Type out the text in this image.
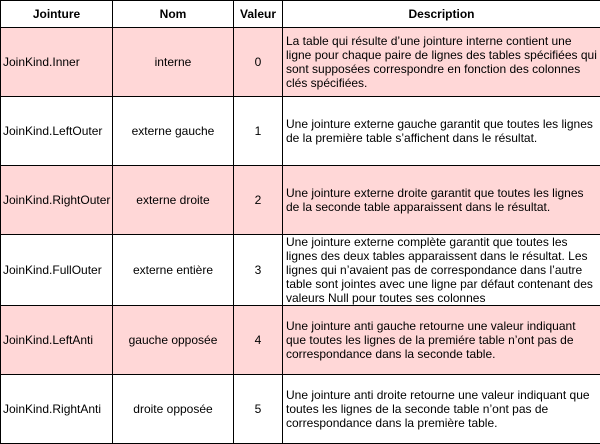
Jointure	Nom	Valeur	Description
JoinKind.Inner	interne	0	La table qui résulte d’une jointure interne contient une ligne pour chaque paire de lignes des tables spécifiées qui sont supposées correspondre en fonction des colonnes clés spécifiées.
JoinKind.LeftOuter	externe gauche	1	Une jointure externe gauche garantit que toutes les lignes de la première table s’affichent dans le résultat.
JoinKind.RightOuter	externe droite	2	Une jointure externe droite garantit que toutes les lignes de la seconde table apparaissent dans le résultat.
JoinKind.FullOuter	externe entière	3	Une jointure externe complète garantit que toutes les lignes des deux tables apparaissent dans le résultat. Les lignes qui n’avaient pas de correspondance dans l’autre table sont jointes avec une ligne par défaut contenant des valeurs Null pour toutes ses colonnes
JoinKind.LeftAnti	gauche opposée	4	Une jointure anti gauche retourne une valeur indiquant que toutes les lignes de la premiére table n’ont pas de correspondance dans la seconde table.
JoinKind.RightAnti	droite opposée	5	Une jointure anti droite retourne une valeur indiquant que toutes les lignes de la seconde table n’ont pas de correspondance dans la première table.
